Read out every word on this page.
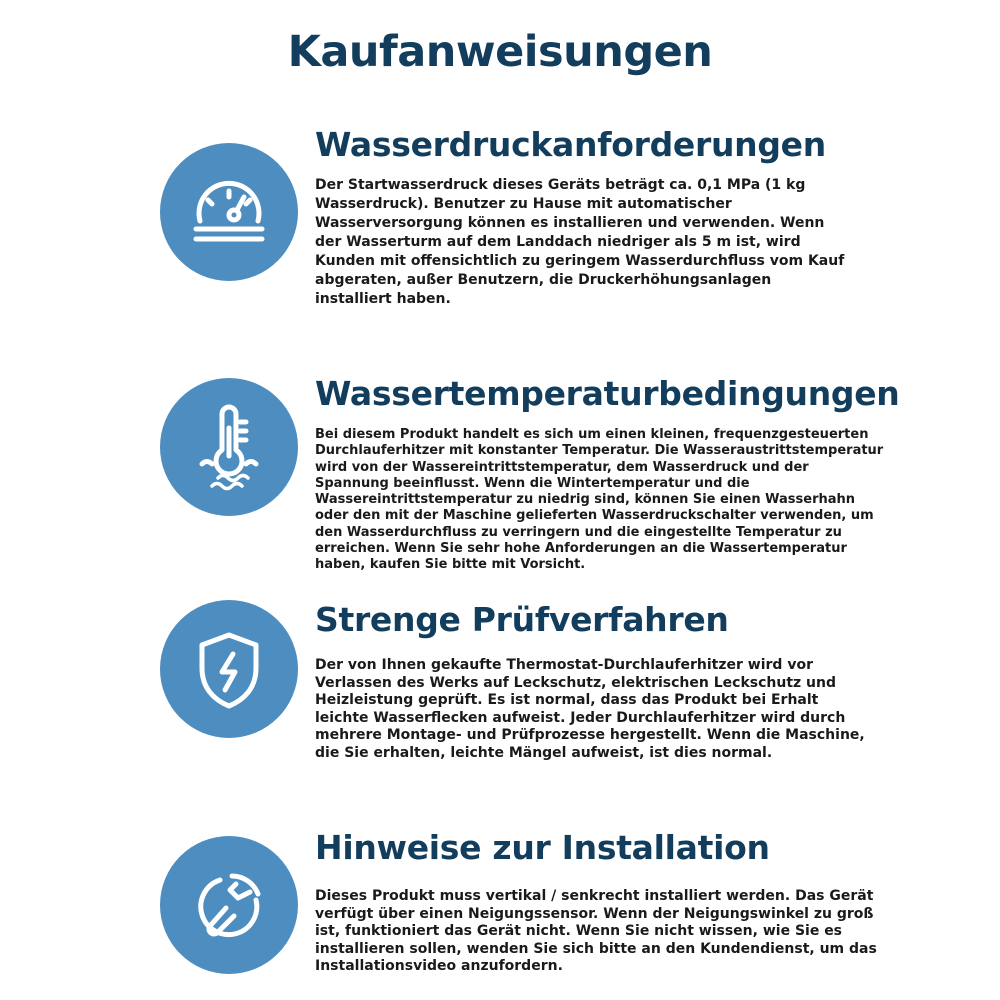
Kaufanweisungen
Wasserdruckanforderungen
Der Startwasserdruck dieses Geräts beträgt ca. 0,1 MPa (1 kg
Wasserdruck). Benutzer zu Hause mit automatischer
Wasserversorgung können es installieren und verwenden. Wenn
der Wasserturm auf dem Landdach niedriger als 5 m ist, wird
Kunden mit offensichtlich zu geringem Wasserdurchfluss vom Kauf
abgeraten, außer Benutzern, die Druckerhöhungsanlagen
installiert haben.
Wassertemperaturbedingungen
Bei diesem Produkt handelt es sich um einen kleinen, frequenzgesteuerten
Durchlauferhitzer mit konstanter Temperatur. Die Wasseraustrittstemperatur
wird von der Wassereintrittstemperatur, dem Wasserdruck und der
Spannung beeinflusst. Wenn die Wintertemperatur und die
Wassereintrittstemperatur zu niedrig sind, können Sie einen Wasserhahn
oder den mit der Maschine gelieferten Wasserdruckschalter verwenden, um
den Wasserdurchfluss zu verringern und die eingestellte Temperatur zu
erreichen. Wenn Sie sehr hohe Anforderungen an die Wassertemperatur
haben, kaufen Sie bitte mit Vorsicht.
Strenge Prüfverfahren
Der von Ihnen gekaufte Thermostat-Durchlauferhitzer wird vor
Verlassen des Werks auf Leckschutz, elektrischen Leckschutz und
Heizleistung geprüft. Es ist normal, dass das Produkt bei Erhalt
leichte Wasserflecken aufweist. Jeder Durchlauferhitzer wird durch
mehrere Montage- und Prüfprozesse hergestellt. Wenn die Maschine,
die Sie erhalten, leichte Mängel aufweist, ist dies normal.
Hinweise zur Installation
Dieses Produkt muss vertikal / senkrecht installiert werden. Das Gerät
verfügt über einen Neigungssensor. Wenn der Neigungswinkel zu groß
ist, funktioniert das Gerät nicht. Wenn Sie nicht wissen, wie Sie es
installieren sollen, wenden Sie sich bitte an den Kundendienst, um das
Installationsvideo anzufordern.
